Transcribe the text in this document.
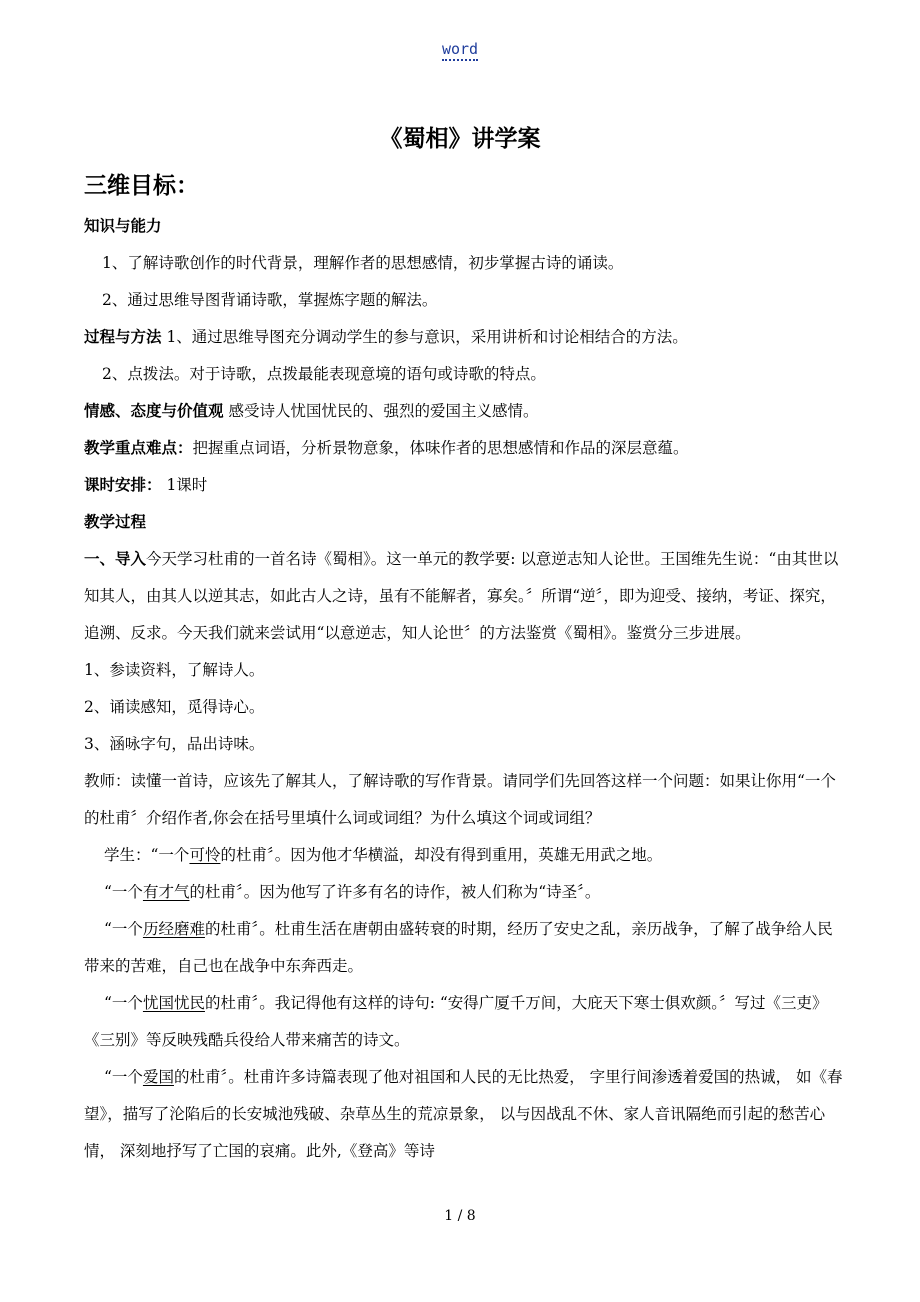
word
《蜀相》讲学案
三维目标：
知识与能力
1、了解诗歌创作的时代背景，理解作者的思想感情，初步掌握古诗的诵读。
2、通过思维导图背诵诗歌，掌握炼字题的解法。
过程与方法 1、通过思维导图充分调动学生的参与意识，采用讲析和讨论相结合的方法。
2、点拨法。对于诗歌，点拨最能表现意境的语句或诗歌的特点。
情感、态度与价值观 感受诗人忧国忧民的、强烈的爱国主义感情。
教学重点难点：把握重点词语，分析景物意象，体味作者的思想感情和作品的深层意蕴。
课时安排： 1课时
教学过程
一、导入今天学习杜甫的一首名诗《蜀相》。这一单元的教学要: 以意逆志知人论世。王国维先生说：“由其世以知其人，由其人以逆其志，如此古人之诗，虽有不能解者，寡矣。〞所谓“逆〞，即为迎受、接纳，考证、探究，追溯、反求。今天我们就来尝试用“以意逆志，知人论世〞的方法鉴赏《蜀相》。鉴赏分三步进展。
1、参读资料，了解诗人。
2、诵读感知，觅得诗心。
3、涵咏字句，品出诗味。
教师：读懂一首诗，应该先了解其人，了解诗歌的写作背景。请同学们先回答这样一个问题：如果让你用“一个的杜甫〞介绍作者,你会在括号里填什么词或词组？为什么填这个词或词组？
学生：“一个可怜的杜甫〞。因为他才华横溢，却没有得到重用，英雄无用武之地。
“一个有才气的杜甫〞。因为他写了许多有名的诗作，被人们称为“诗圣〞。
“一个历经磨难的杜甫〞。杜甫生活在唐朝由盛转衰的时期，经历了安史之乱，亲历战争，了解了战争给人民带来的苦难，自己也在战争中东奔西走。
“一个忧国忧民的杜甫〞。我记得他有这样的诗句: “安得广厦千万间，大庇天下寒士俱欢颜。〞写过《三吏》《三别》等反映残酷兵役给人带来痛苦的诗文。
“一个爱国的杜甫〞。杜甫许多诗篇表现了他对祖国和人民的无比热爱， 字里行间渗透着爱国的热诚， 如《春望》，描写了沦陷后的长安城池残破、杂草丛生的荒凉景象， 以与因战乱不休、家人音讯隔绝而引起的愁苦心情， 深刻地抒写了亡国的哀痛。此外,《登高》等诗
1 / 8
